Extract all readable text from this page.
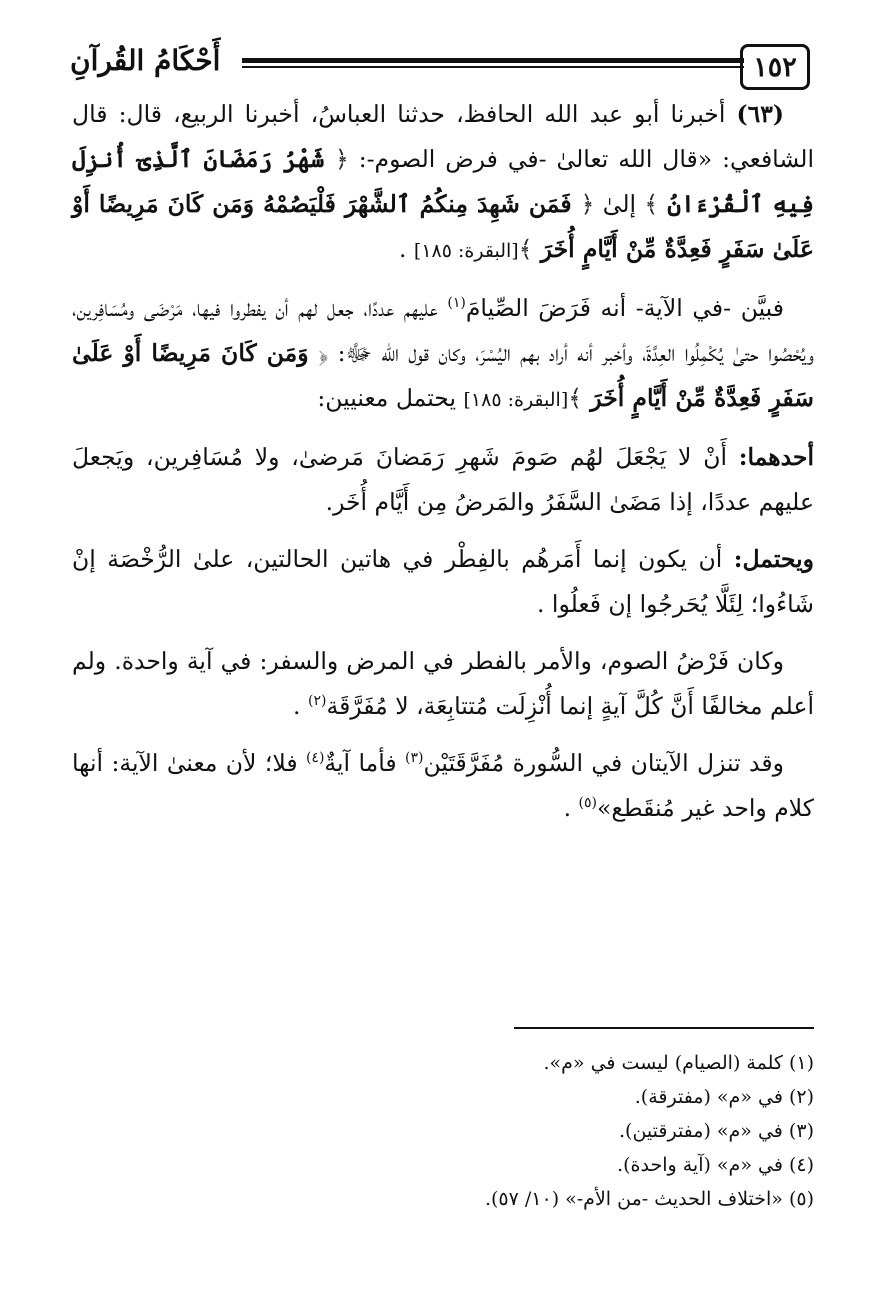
١٥٢
أَحْكَامُ القُرآنِ

(٦٣) أخبرنا أبو عبد الله الحافظ، حدثنا العباسُ، أخبرنا الربيع، قال: قال الشافعي: «قال الله تعالىٰ -في فرض الصوم-: ﴿ شَهْرُ رَمَضَانَ ٱلَّذِىٓ أُنزِلَ فِيهِ ٱلْقُرْءَانُ ﴾ إلىٰ ﴿ فَمَن شَهِدَ مِنكُمُ ٱلشَّهْرَ فَلْيَصُمْهُ وَمَن كَانَ مَرِيضًا أَوْ عَلَىٰ سَفَرٍ فَعِدَّةٌ مِّنْ أَيَّامٍ أُخَرَ ﴾[البقرة: ١٨٥] .

فبيَّن -في الآية- أنه فَرَضَ الصِّيامَ$^{(١)}$ عليهم عددًا، جعل لهم أن يفطروا فيها، مَرْضَى ومُسَافِرين، ويُحْصُوا حتىٰ يُكْمِلُوا العِدَّةَ، وأخبر أنه أراد بهم اليُسْرَ، وكان قول الله ﷻ: ﴿ وَمَن كَانَ مَرِيضًا أَوْ عَلَىٰ سَفَرٍ فَعِدَّةٌ مِّنْ أَيَّامٍ أُخَرَ ﴾[البقرة: ١٨٥] يحتمل معنيين:

أحدهما: أَنْ لا يَجْعَلَ لهُم صَومَ شَهرِ رَمَضانَ مَرضىٰ، ولا مُسَافِرين، ويَجعلَ عليهم عددًا، إذا مَضَىٰ السَّفَرُ والمَرضُ مِن أَيَّام أُخَر.

ويحتمل: أن يكون إنما أَمَرهُم بالفِطْر في هاتين الحالتين، علىٰ الرُّخْصَة إنْ شَاءُوا؛ لِئَلَّا يُحَرجُوا إن فَعلُوا .

وكان فَرْضُ الصوم، والأمر بالفطر في المرض والسفر: في آية واحدة. ولم أعلم مخالفًا أَنَّ كُلَّ آيةٍ إنما أُنْزِلَت مُتتابِعَة، لا مُفَرَّقَة$^{(٢)}$ .

وقد تنزل الآيتان في السُّورة مُفَرَّقَتَيْن$^{(٣)}$ فأما آيةٌ$^{(٤)}$ فلا؛ لأن معنىٰ الآية: أنها كلام واحد غير مُنقَطع»$^{(٥)}$ .

(١) كلمة (الصيام) ليست في «م».
(٢) في «م» (مفترقة).
(٣) في «م» (مفترقتين).
(٤) في «م» (آية واحدة).
(٥) «اختلاف الحديث -من الأم-» (١٠/ ٥٧).
